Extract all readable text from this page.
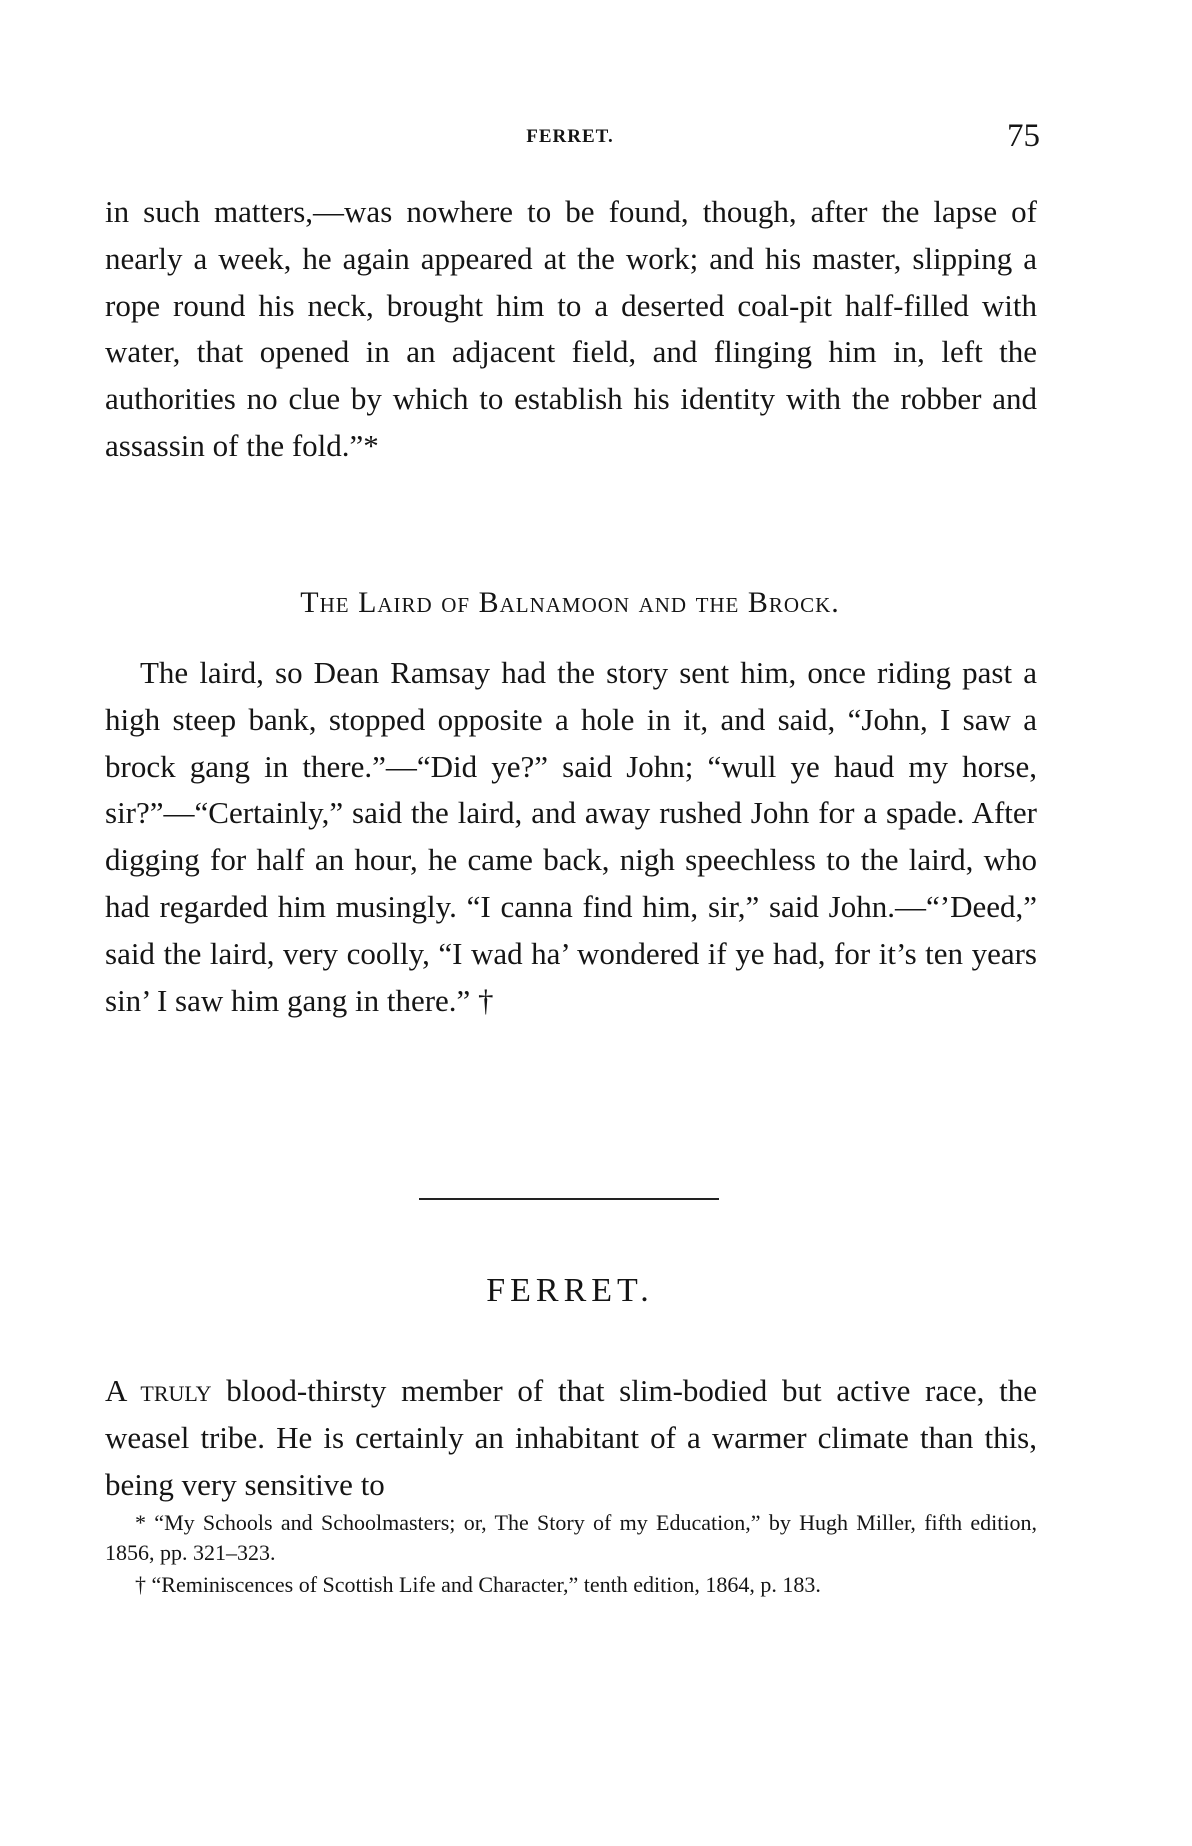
FERRET.	75

in such matters,—was nowhere to be found, though, after the lapse of nearly a week, he again appeared at the work; and his master, slipping a rope round his neck, brought him to a deserted coal-pit half-filled with water, that opened in an adjacent field, and flinging him in, left the authorities no clue by which to establish his identity with the robber and assassin of the fold.”*

The Laird of Balnamoon and the Brock.

The laird, so Dean Ramsay had the story sent him, once riding past a high steep bank, stopped opposite a hole in it, and said, “John, I saw a brock gang in there.”—“Did ye?” said John; “wull ye haud my horse, sir?”—“Certainly,” said the laird, and away rushed John for a spade. After digging for half an hour, he came back, nigh speechless to the laird, who had regarded him musingly. “I canna find him, sir,” said John.—“’Deed,” said the laird, very coolly, “I wad ha’ wondered if ye had, for it’s ten years sin’ I saw him gang in there.” †

FERRET.

A truly blood-thirsty member of that slim-bodied but active race, the weasel tribe. He is certainly an inhabitant of a warmer climate than this, being very sensitive to

* “My Schools and Schoolmasters; or, The Story of my Education,” by Hugh Miller, fifth edition, 1856, pp. 321–323.

† “Reminiscences of Scottish Life and Character,” tenth edition, 1864, p. 183.
